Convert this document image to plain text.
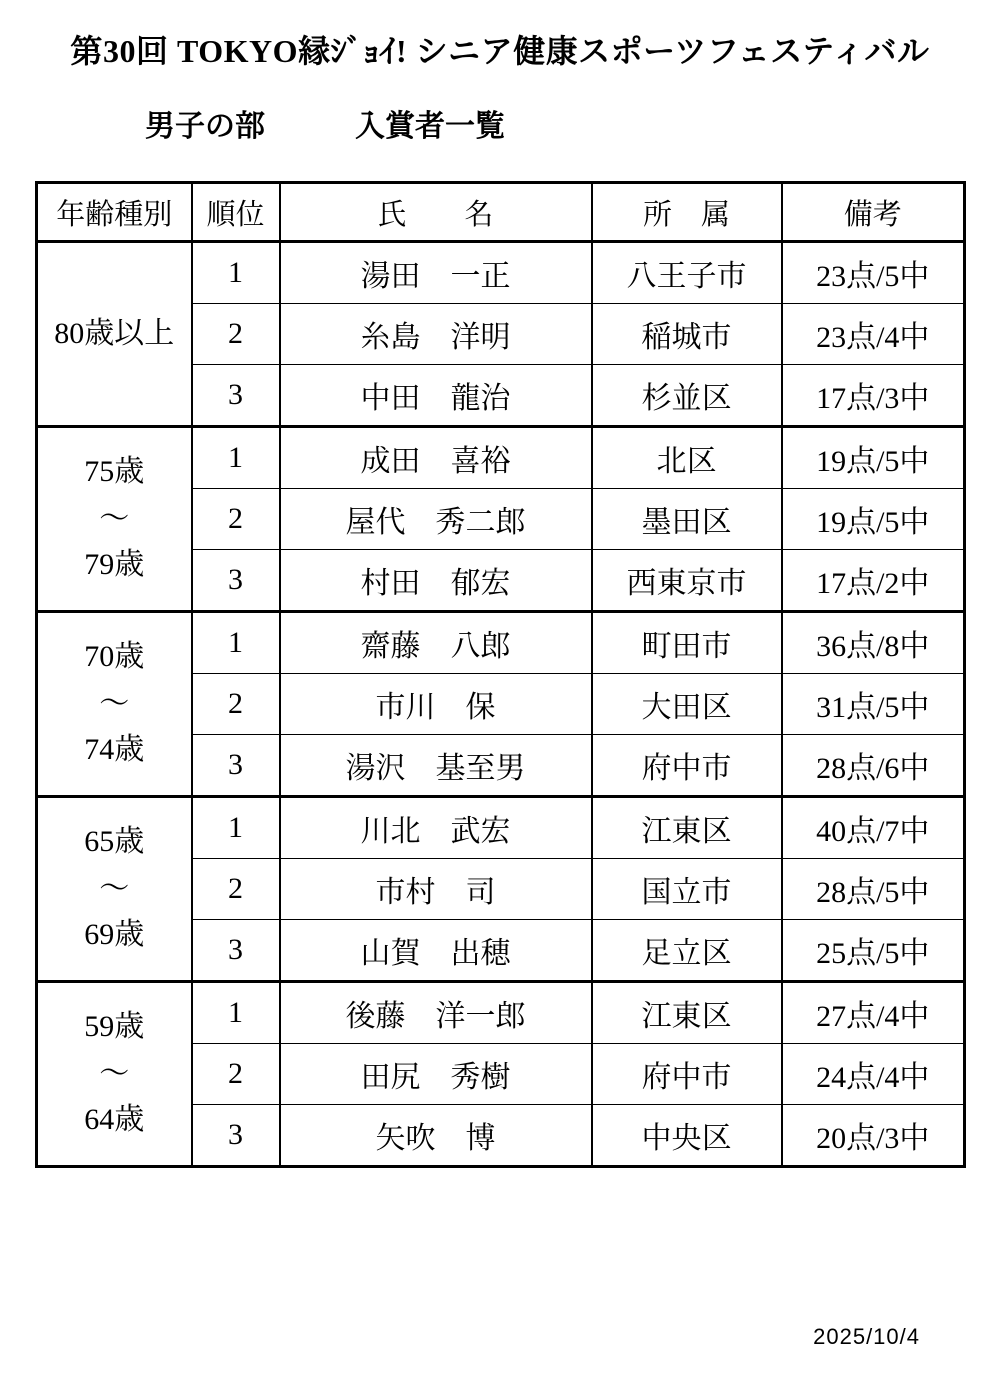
第30回 TOKYO縁ｼﾞｮｲ! シニア健康スポーツフェスティバル
男子の部	入賞者一覧
年齢種別	順位	氏　　名	所　属	備考

80歳以上	1	湯田　一正	八王子市	23点/5中
	2	糸島　洋明	稲城市	23点/4中
	3	中田　龍治	杉並区	17点/3中

75歳
～
79歳	1	成田　喜裕	北区	19点/5中
	2	屋代　秀二郎	墨田区	19点/5中
	3	村田　郁宏	西東京市	17点/2中

70歳
～
74歳	1	齋藤　八郎	町田市	36点/8中
	2	市川　保	大田区	31点/5中
	3	湯沢　基至男	府中市	28点/6中

65歳
～
69歳	1	川北　武宏	江東区	40点/7中
	2	市村　司	国立市	28点/5中
	3	山賀　出穂	足立区	25点/5中

59歳
～
64歳	1	後藤　洋一郎	江東区	27点/4中
	2	田尻　秀樹	府中市	24点/4中
	3	矢吹　博	中央区	20点/3中
2025/10/4
